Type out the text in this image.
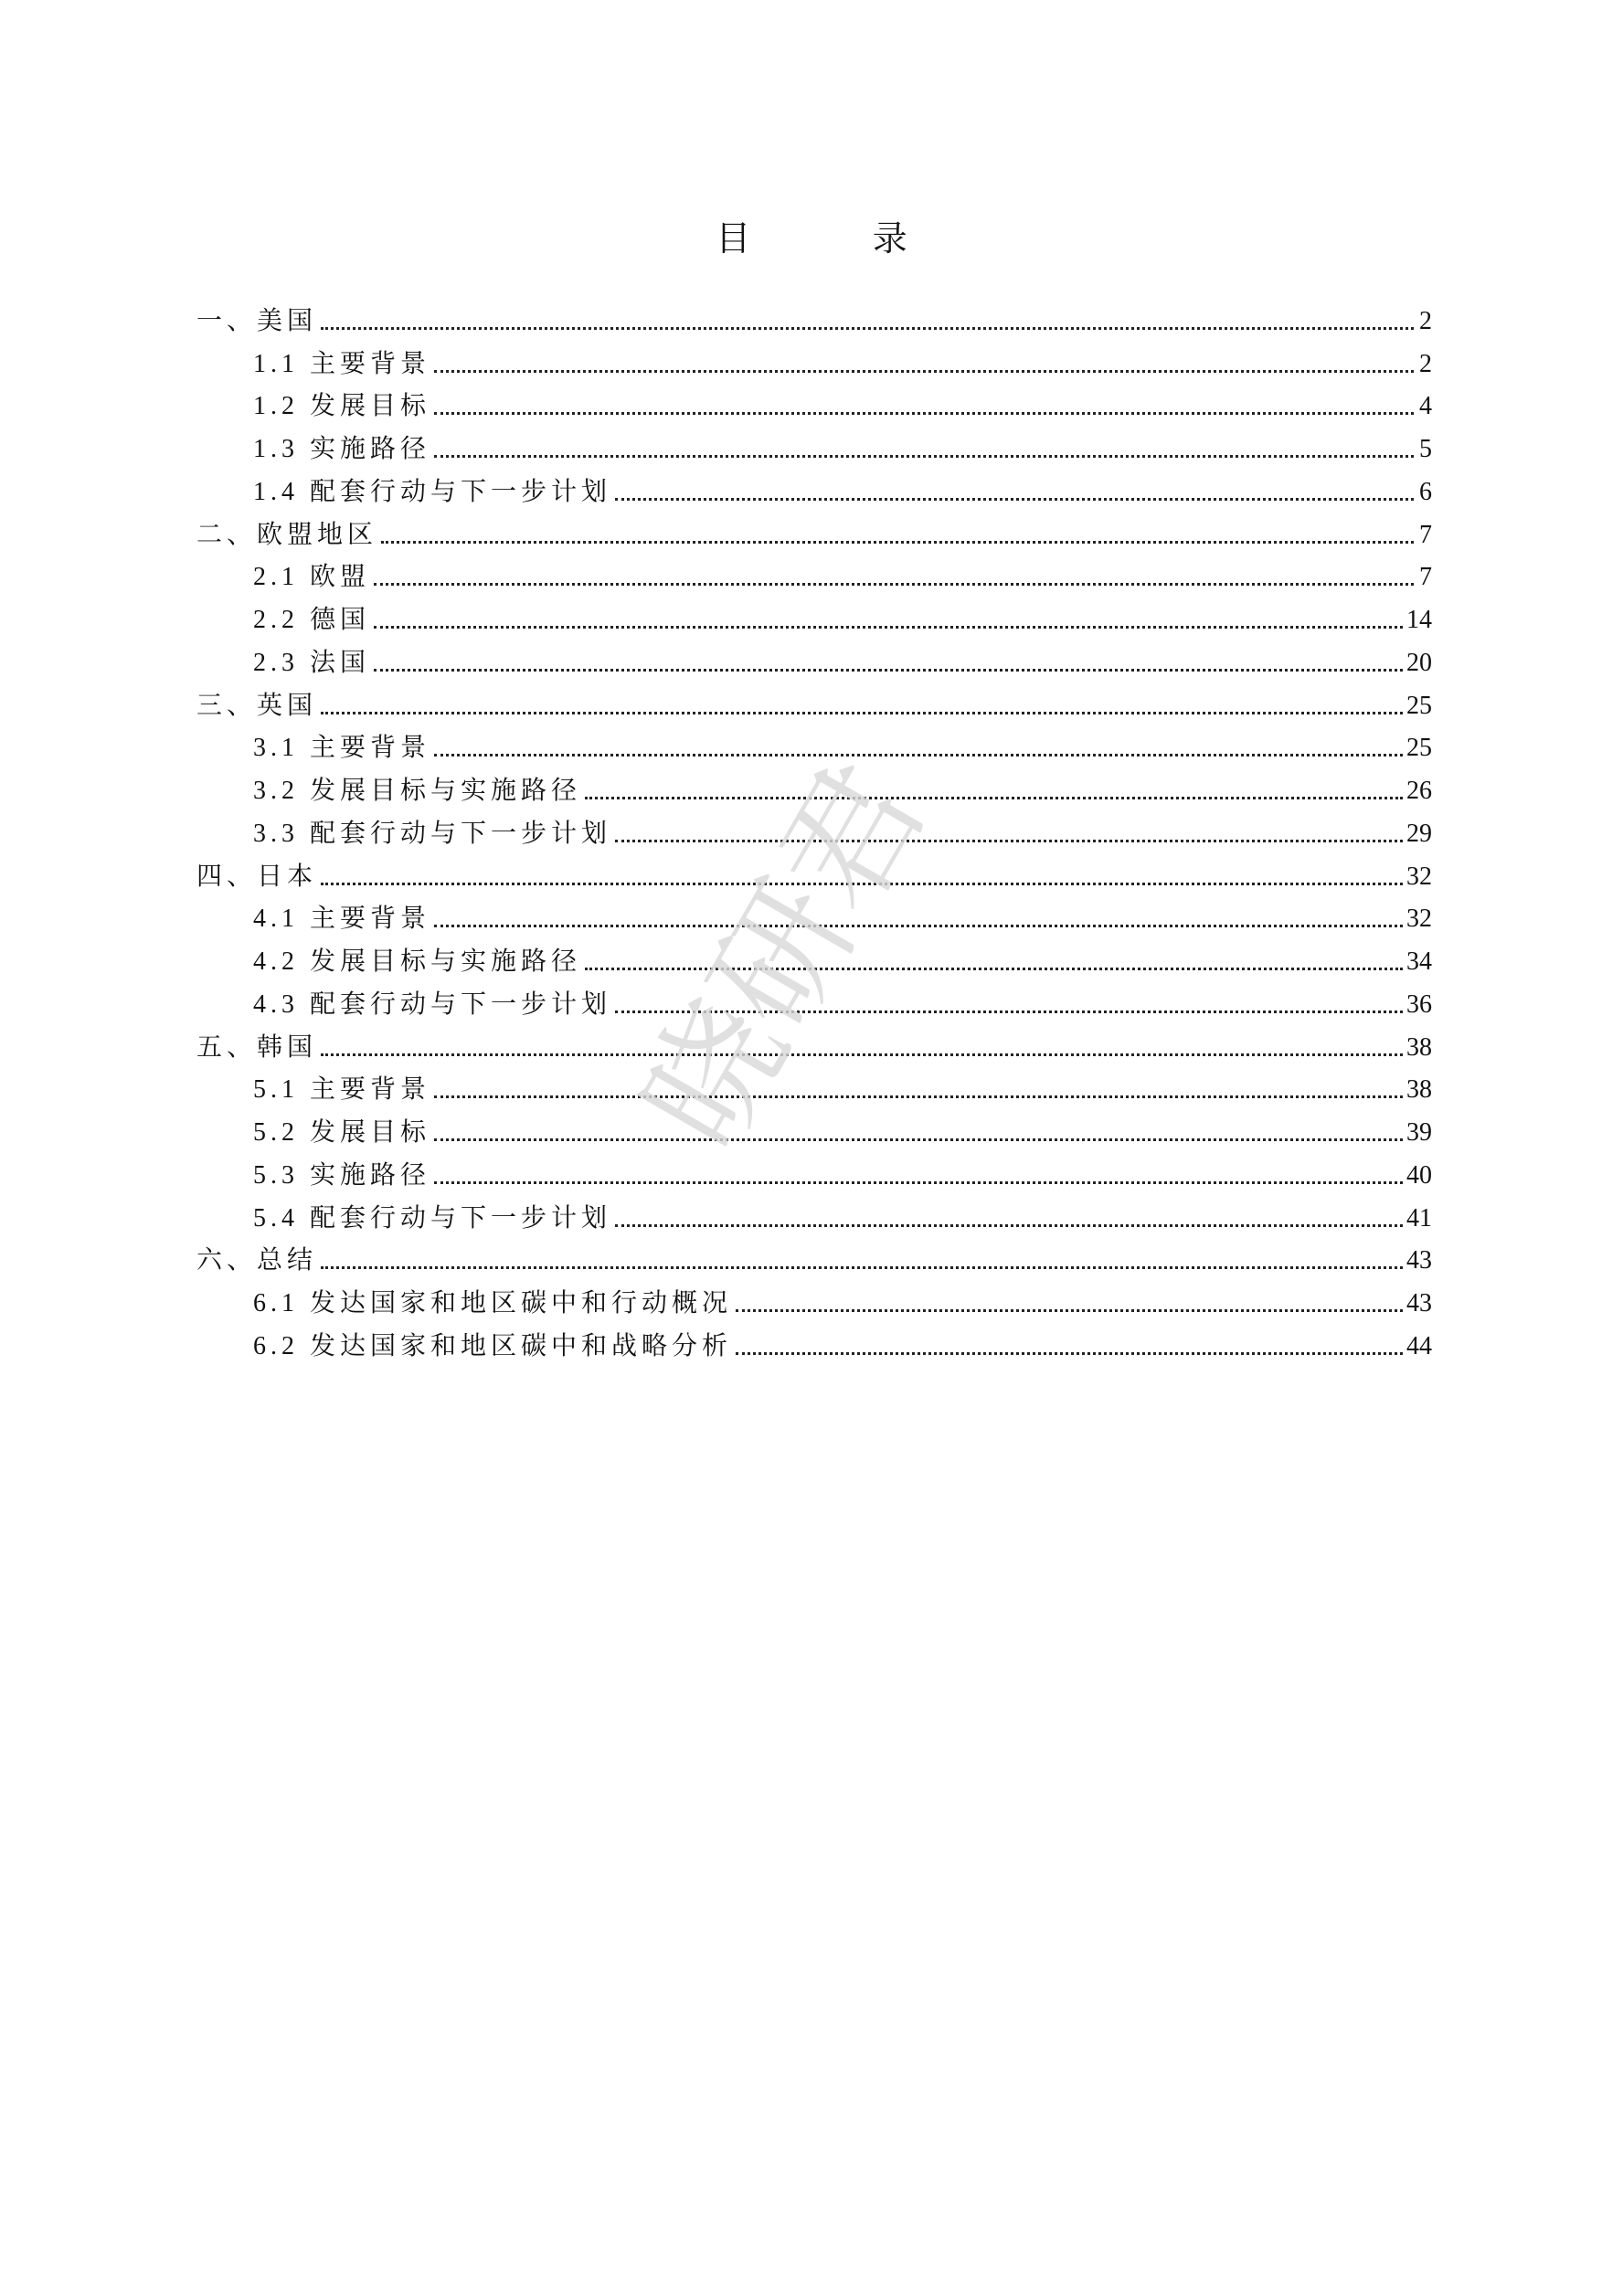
目 录
一、美国	2
1.1 主要背景	2
1.2 发展目标	4
1.3 实施路径	5
1.4 配套行动与下一步计划	6
二、欧盟地区	7
2.1 欧盟	7
2.2 德国	14
2.3 法国	20
三、英国	25
3.1 主要背景	25
3.2 发展目标与实施路径	26
3.3 配套行动与下一步计划	29
四、日本	32
4.1 主要背景	32
4.2 发展目标与实施路径	34
4.3 配套行动与下一步计划	36
五、韩国	38
5.1 主要背景	38
5.2 发展目标	39
5.3 实施路径	40
5.4 配套行动与下一步计划	41
六、总结	43
6.1 发达国家和地区碳中和行动概况	43
6.2 发达国家和地区碳中和战略分析	44
晓研君
